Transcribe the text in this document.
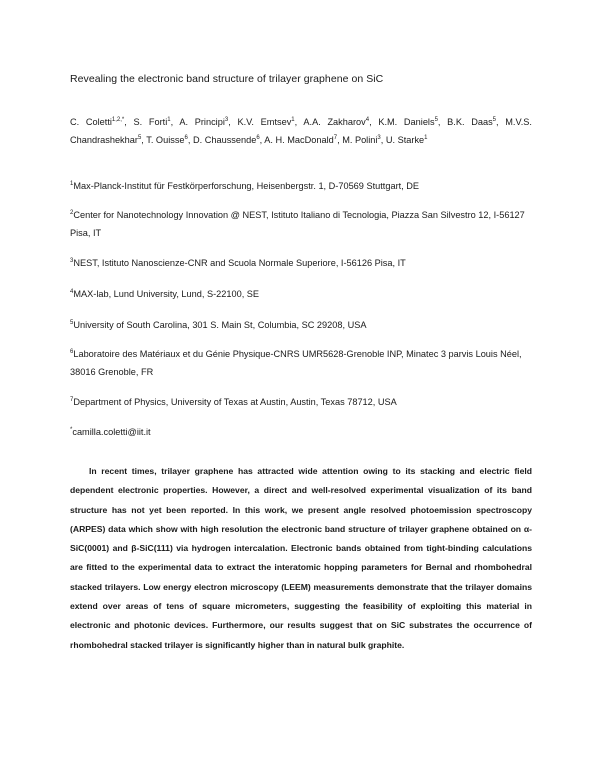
Revealing the electronic band structure of trilayer graphene on SiC
C. Coletti$^{1,2,*}$, S. Forti$^1$, A. Principi$^3$, K.V. Emtsev$^1$, A.A. Zakharov$^4$, K.M. Daniels$^5$, B.K. Daas$^5$, M.V.S. Chandrashekhar$^5$, T. Ouisse$^6$, D. Chaussende$^6$, A. H. MacDonald$^7$, M. Polini$^3$, U. Starke$^1$
$^1$Max-Planck-Institut für Festkörperforschung, Heisenbergstr. 1, D-70569 Stuttgart, DE
$^2$Center for Nanotechnology Innovation @ NEST, Istituto Italiano di Tecnologia, Piazza San Silvestro 12, I-56127 Pisa, IT
$^3$NEST, Istituto Nanoscienze-CNR and Scuola Normale Superiore, I-56126 Pisa, IT
$^4$MAX-lab, Lund University, Lund, S-22100, SE
$^5$University of South Carolina, 301 S. Main St, Columbia, SC 29208, USA
$^6$Laboratoire des Matériaux et du Génie Physique-CNRS UMR5628-Grenoble INP, Minatec 3 parvis Louis Néel, 38016 Grenoble, FR
$^7$Department of Physics, University of Texas at Austin, Austin, Texas 78712, USA
*camilla.coletti@iit.it
In recent times, trilayer graphene has attracted wide attention owing to its stacking and electric field dependent electronic properties. However, a direct and well-resolved experimental visualization of its band structure has not yet been reported. In this work, we present angle resolved photoemission spectroscopy (ARPES) data which show with high resolution the electronic band structure of trilayer graphene obtained on α-SiC(0001) and β-SiC(111) via hydrogen intercalation. Electronic bands obtained from tight-binding calculations are fitted to the experimental data to extract the interatomic hopping parameters for Bernal and rhombohedral stacked trilayers. Low energy electron microscopy (LEEM) measurements demonstrate that the trilayer domains extend over areas of tens of square micrometers, suggesting the feasibility of exploiting this material in electronic and photonic devices. Furthermore, our results suggest that on SiC substrates the occurrence of rhombohedral stacked trilayer is significantly higher than in natural bulk graphite.
